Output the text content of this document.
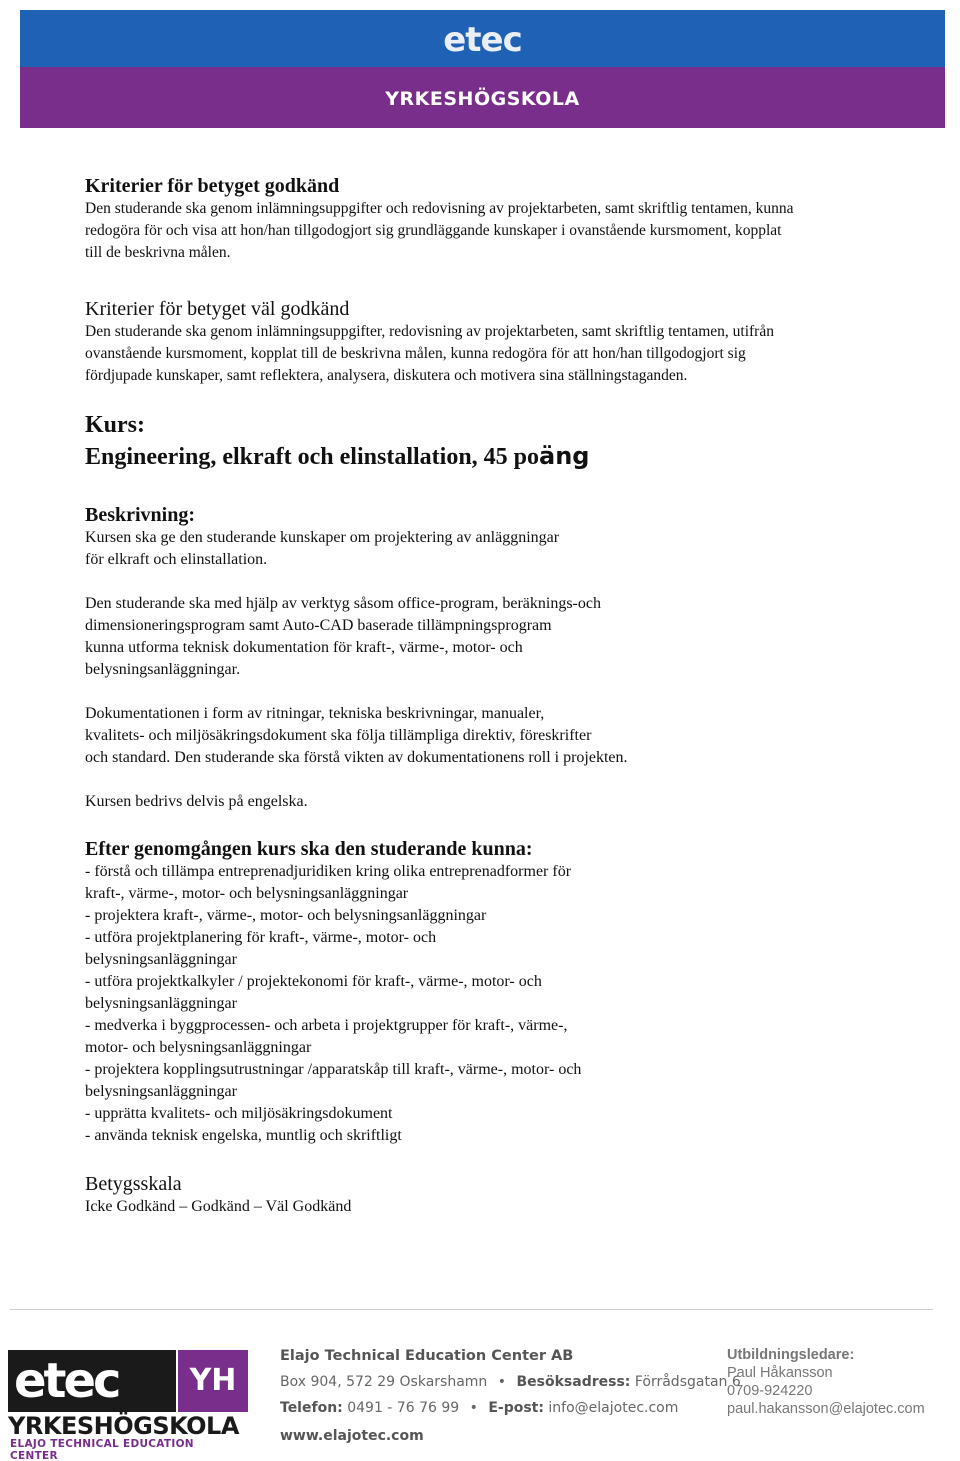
etec
YRKESHÖGSKOLA
Kriterier för betyget godkänd
Den studerande ska genom inlämningsuppgifter och redovisning av projektarbeten, samt skriftlig tentamen, kunna
redogöra för och visa att hon/han tillgodogjort sig grundläggande kunskaper i ovanstående kursmoment, kopplat
till de beskrivna målen.
Kriterier för betyget väl godkänd
Den studerande ska genom inlämningsuppgifter, redovisning av projektarbeten, samt skriftlig tentamen, utifrån
ovanstående kursmoment, kopplat till de beskrivna målen, kunna redogöra för att hon/han tillgodogjort sig
fördjupade kunskaper, samt reflektera, analysera, diskutera och motivera sina ställningstaganden.
Kurs:
Engineering, elkraft och elinstallation, 45 poäng
Beskrivning:
Kursen ska ge den studerande kunskaper om projektering av anläggningar
för elkraft och elinstallation.
Den studerande ska med hjälp av verktyg såsom office-program, beräknings-och
dimensioneringsprogram samt Auto-CAD baserade tillämpningsprogram
kunna utforma teknisk dokumentation för kraft-, värme-, motor- och
belysningsanläggningar.
Dokumentationen i form av ritningar, tekniska beskrivningar, manualer,
kvalitets- och miljösäkringsdokument ska följa tillämpliga direktiv, föreskrifter
och standard. Den studerande ska förstå vikten av dokumentationens roll i projekten.
Kursen bedrivs delvis på engelska.
Efter genomgången kurs ska den studerande kunna:
- förstå och tillämpa entreprenadjuridiken kring olika entreprenadformer för
kraft-, värme-, motor- och belysningsanläggningar
- projektera kraft-, värme-, motor- och belysningsanläggningar
- utföra projektplanering för kraft-, värme-, motor- och
belysningsanläggningar
- utföra projektkalkyler / projektekonomi för kraft-, värme-, motor- och
belysningsanläggningar
- medverka i byggprocessen- och arbeta i projektgrupper för kraft-, värme-,
motor- och belysningsanläggningar
- projektera kopplingsutrustningar /apparatskåp till kraft-, värme-, motor- och
belysningsanläggningar
- upprätta kvalitets- och miljösäkringsdokument
- använda teknisk engelska, muntlig och skriftligt
Betygsskala
Icke Godkänd – Godkänd – Väl Godkänd
etec	YH
YRKESHÖGSKOLA
ELAJO TECHNICAL EDUCATION CENTER
Elajo Technical Education Center AB
Box 904, 572 29 Oskarshamn • Besöksadress: Förrådsgatan 6
Telefon: 0491 - 76 76 99 • E-post: info@elajotec.com
www.elajotec.com
Utbildningsledare:
Paul Håkansson
0709-924220
paul.hakansson@elajotec.com
